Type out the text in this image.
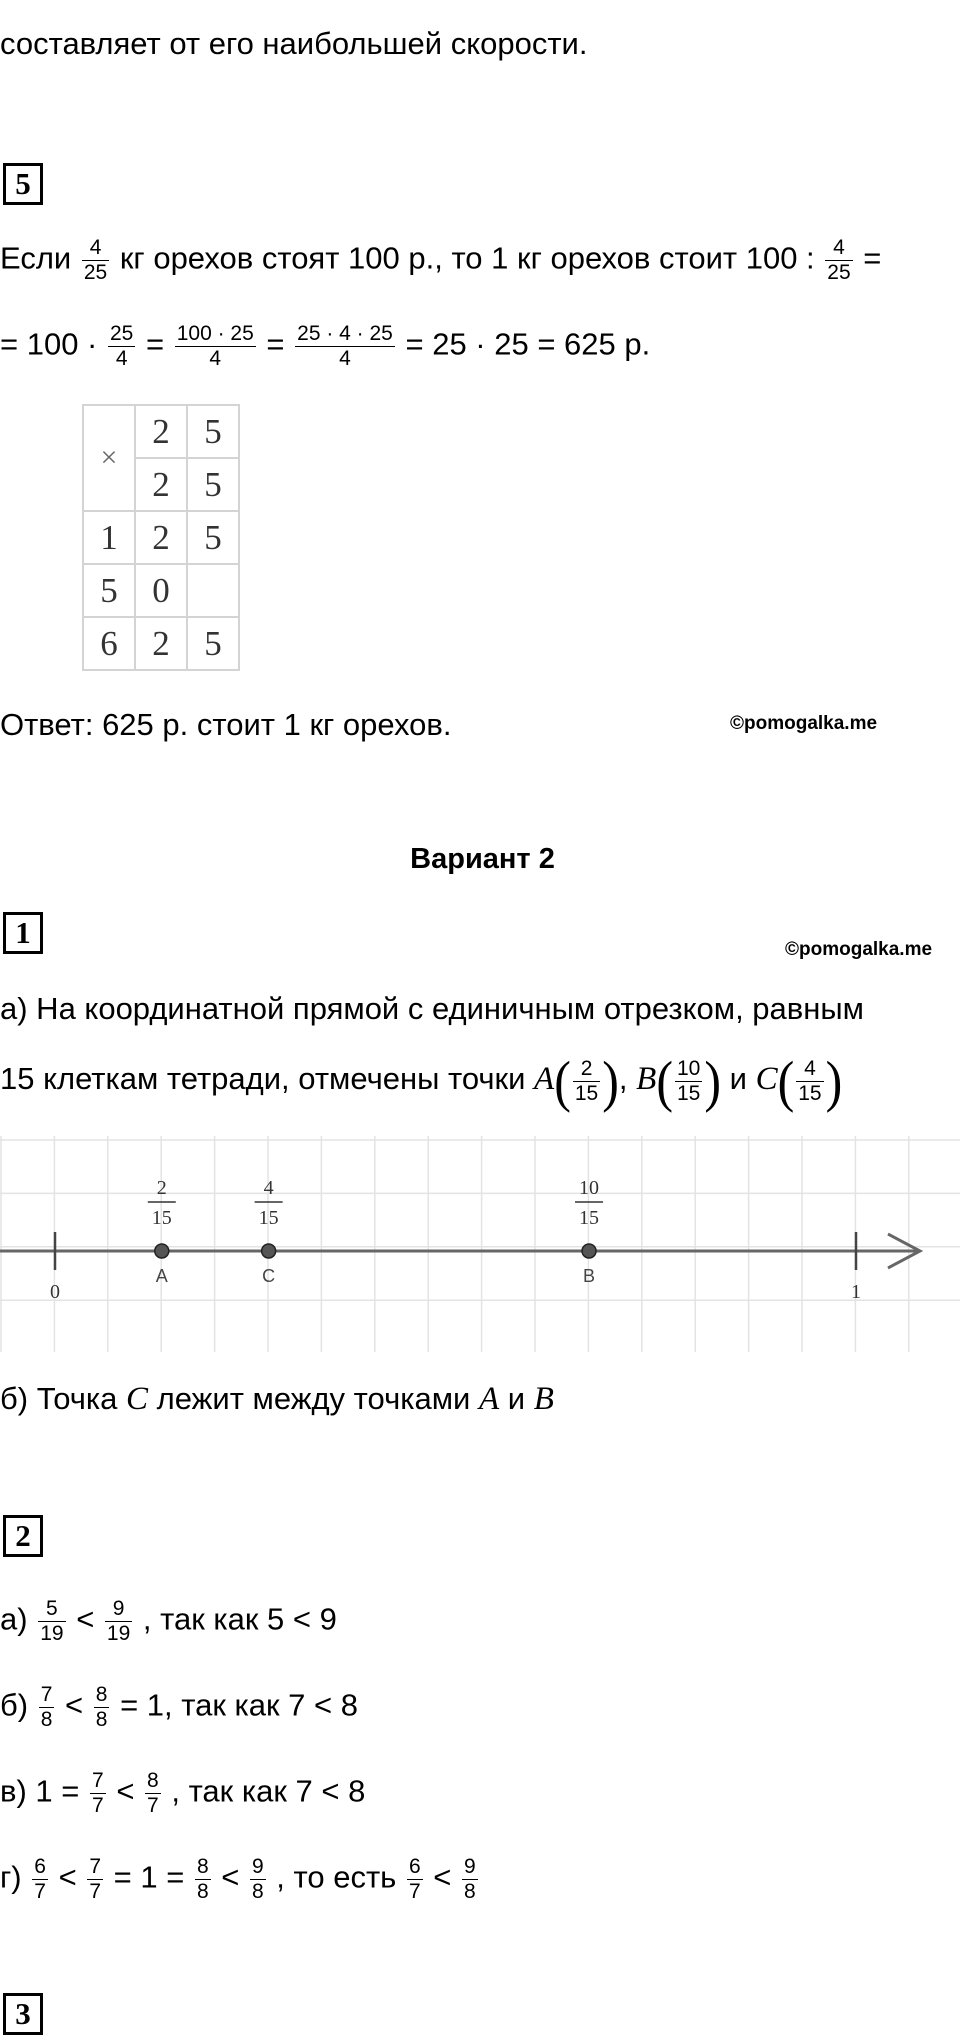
составляет от его наибольшей скорости.
5
Если $\frac{4}{25}$ кг орехов стоят 100 р., то 1 кг орехов стоит 100 : $\frac{4}{25}$ =
= $100 \cdot \frac{25}{4} = \frac{100 \cdot 25}{4} = \frac{25 \cdot 4 \cdot 25}{4} = 25 \cdot 25 = 625$ р.
×	2	5
	2	5
1	2	5
5	0	
6	2	5
Ответ: 625 р. стоит 1 кг орехов.	©pomogalka.me
Вариант 2
1	©pomogalka.me
а) На координатной прямой с единичным отрезком, равным
15 клеткам тетради, отмечены точки $A( \frac{2}{15}$ ), $B( \frac{10}{15}$ ) и $C( \frac{4}{15}$ )
0	1
A
2
15
C
4
15
B
10
15
б) Точка C лежит между точками A и B
2
$а) \frac{5}{19} < \frac{9}{19}$ , так как 5 < 9
$б) \frac{7}{8} < \frac{8}{8} = 1$, так как 7 < 8
в) $1 = \frac{7}{7} < \frac{8}{7}$ , так как 7 < 8
$г) \frac{6}{7} < \frac{7}{7} = 1 = \frac{8}{8} < \frac{9}{8}$ , то есть $\frac{6}{7} < \frac{9}{8}$
3
